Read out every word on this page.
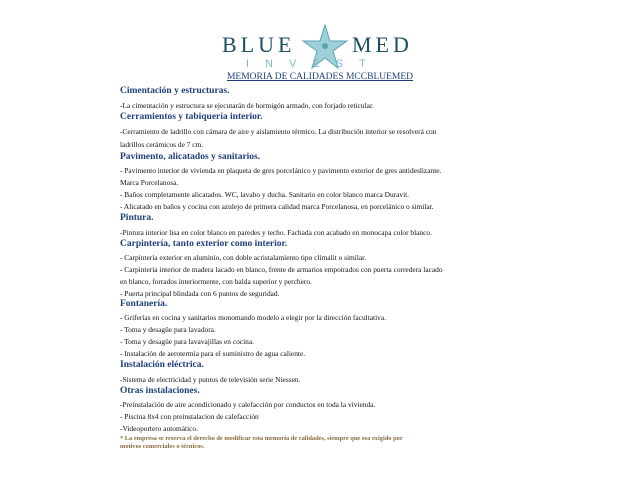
BLUE	MED
INVEST
MEMORIA DE CALIDADES MCCBLUEMED
Cimentación y estructuras.
-La cimentación y estructura se ejecutarán de hormigón armado, con forjado reticular.
Cerramientos y tabiquería interior.
-Cerramiento de ladrillo con cámara de aire y aislamiento térmico. La distribución interior se resolverá con
ladrillos cerámicos de 7 cm.
Pavimento, alicatados y sanitarios.
- Pavimento interior de vivienda en plaqueta de gres porcelánico y pavimento exterior de gres antideslizante.
Marca Porcelanosa.
- Baños completamente alicatados. WC, lavabo y ducha. Sanitario en color blanco marca Duravit.
- Alicatado en baños y cocina con azulejo de primera calidad marca Porcelanosa, en porcelánico o similar.
Pintura.
-Pintura interior lisa en color blanco en paredes y techo. Fachada con acabado en monocapa color blanco.
Carpintería, tanto exterior como interior.
- Carpintería exterior en aluminio, con doble acristalamiento tipo climalit o similar.
- Carpintería interior de madera lacado en blanco, frente de armarios empotrados con puerta corredera lacado
en blanco, forrados interiormente, con balda superior y perchero.
- Puerta principal blindada con 6 puntos de seguridad.
Fontanería.
- Griferías en cocina y sanitarios monomando modelo a elegir por la dirección facultativa.
- Toma y desagüe para lavadora.
- Toma y desagüe para lavavajillas en cocina.
- Instalación de aerotermia para el suministro de agua caliente.
Instalación eléctrica.
-Sistema de electricidad y puntos de televisión serie Niessen.
Otras instalaciones.
-Preinstalación de aire acondicionado y calefacción por conductos en toda la vivienda.
- Piscina 8x4 con preinstalacion de calefacción
-Videoportero automático.
* La empresa se reserva el derecho de modificar esta memoria de calidades, siempre que sea exigido por
motivos comerciales o técnicos.
